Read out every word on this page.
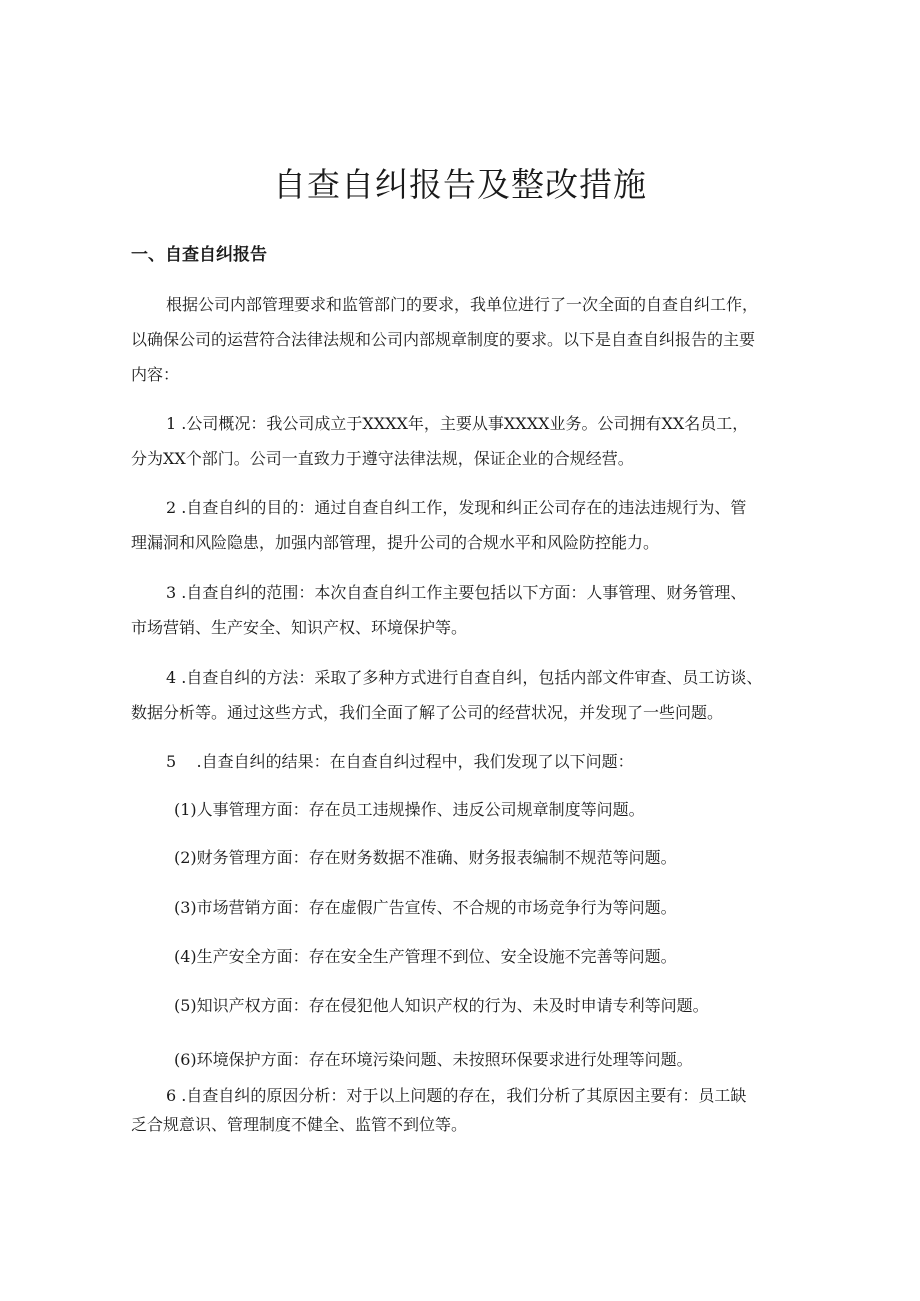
自查自纠报告及整改措施
一、自查自纠报告

根据公司内部管理要求和监管部门的要求，我单位进行了一次全面的自查自纠工作，
以确保公司的运营符合法律法规和公司内部规章制度的要求。以下是自查自纠报告的主要
内容：

1 .公司概况：我公司成立于XXXX年，主要从事XXXX业务。公司拥有XX名员工，
分为XX个部门。公司一直致力于遵守法律法规，保证企业的合规经营。

2 .自查自纠的目的：通过自查自纠工作，发现和纠正公司存在的违法违规行为、管
理漏洞和风险隐患，加强内部管理，提升公司的合规水平和风险防控能力。

3 .自查自纠的范围：本次自查自纠工作主要包括以下方面：人事管理、财务管理、
市场营销、生产安全、知识产权、环境保护等。

4 .自查自纠的方法：采取了多种方式进行自查自纠，包括内部文件审查、员工访谈、
数据分析等。通过这些方式，我们全面了解了公司的经营状况，并发现了一些问题。

5    .自查自纠的结果：在自查自纠过程中，我们发现了以下问题：

(1)人事管理方面：存在员工违规操作、违反公司规章制度等问题。

(2)财务管理方面：存在财务数据不准确、财务报表编制不规范等问题。

(3)市场营销方面：存在虚假广告宣传、不合规的市场竞争行为等问题。

(4)生产安全方面：存在安全生产管理不到位、安全设施不完善等问题。

(5)知识产权方面：存在侵犯他人知识产权的行为、未及时申请专利等问题。

(6)环境保护方面：存在环境污染问题、未按照环保要求进行处理等问题。

6 .自查自纠的原因分析：对于以上问题的存在，我们分析了其原因主要有：员工缺
乏合规意识、管理制度不健全、监管不到位等。
